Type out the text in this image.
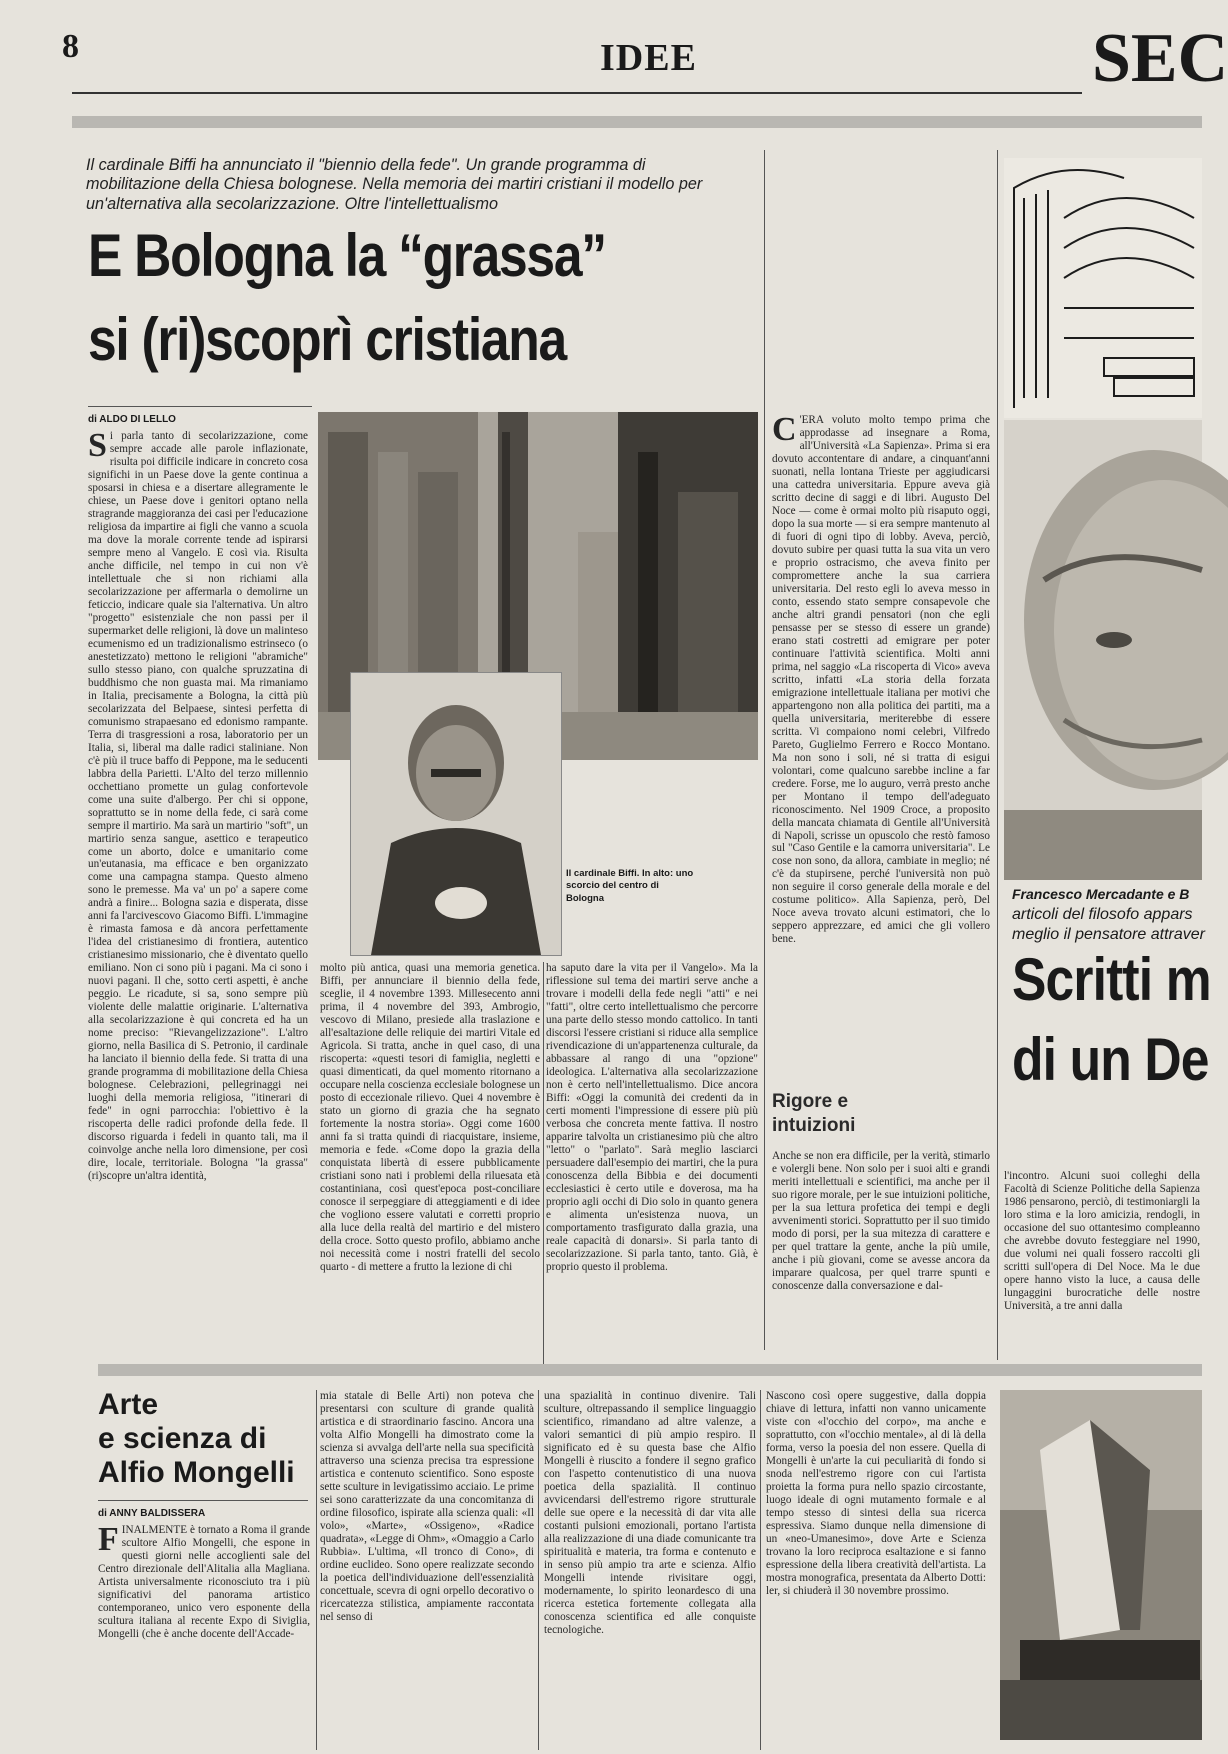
8	IDEE	SEC
Il cardinale Biffi ha annunciato il "biennio della fede". Un grande programma di mobilitazione della Chiesa bolognese. Nella memoria dei martiri cristiani il modello per un'alternativa alla secolarizzazione. Oltre l'intellettualismo
E Bologna la “grassa”
si (ri)scoprì cristiana
di ALDO DI LELLO
S i parla tanto di secolarizzazione, come sempre accade alle parole inflazionate, risulta poi difficile indicare in concreto cosa significhi in un Paese dove la gente continua a sposarsi in chiesa e a disertare allegramente le chiese, un Paese dove i genitori optano nella stragrande maggioranza dei casi per l'educazione religiosa da impartire ai figli che vanno a scuola ma dove la morale corrente tende ad ispirarsi sempre meno al Vangelo. E così via. Risulta anche difficile, nel tempo in cui non v'è intellettuale che si non richiami alla secolarizzazione per affermarla o demolirne un feticcio, indicare quale sia l'alternativa. Un altro "progetto" esistenziale che non passi per il supermarket delle religioni, là dove un malinteso ecumenismo ed un tradizionalismo estrinseco (o anestetizzato) mettono le religioni "abramiche" sullo stesso piano, con qualche spruzzatina di buddhismo che non guasta mai. Ma rimaniamo in Italia, precisamente a Bologna, la città più secolarizzata del Belpaese, sintesi perfetta di comunismo strapaesano ed edonismo rampante. Terra di trasgressioni a rosa, laboratorio per un Italia, si, liberal ma dalle radici stalinianе. Non c'è più il truce baffo di Peppone, ma le seducenti labbra della Parietti. L'Alto del terzo millennio occhettiano promette un gulag confortevole come una suite d'albergo. Per chi si oppone, soprattutto se in nome della fede, ci sarà come sempre il martirio. Ma sarà un martirio "soft", un martirio senza sangue, asettico e terapeutico come un aborto, dolce e umanitario come un'eutanasia, ma efficace e ben organizzato come una campagna stampa. Questo almeno sono le premesse. Ma va' un po' a sapere come andrà a finire... Bologna sazia e disperata, disse anni fa l'arcivescovo Giacomo Biffi. L'immagine è rimasta famosa e dà ancora perfettamente l'idea del cristianesimo di frontiera, autentico cristianesimo missionario, che è diventato quello emiliano. Non ci sono più i pagani. Ma ci sono i nuovi pagani. Il che, sotto certi aspetti, è anche peggio. Le ricadute, si sa, sono sempre più violente delle malattie originarie. L'alternativa alla secolarizzazione è qui concreta ed ha un nome preciso: "Rievangelizzazione". L'altro giorno, nella Basilica di S. Petronio, il cardinale ha lanciato il biennio della fede. Si tratta di una grande programma di mobilitazione della Chiesa bolognese. Celebrazioni, pellegrinaggi nei luoghi della memoria religiosa, "itinerari di fede" in ogni parrocchia: l'obiettivo è la riscoperta delle radici profonde della fede. Il discorso riguarda i fedeli in quanto tali, ma il coinvolge anche nella loro dimensione, per così dire, locale, territoriale. Bologna "la grassa" (ri)scopre un'altra identità,
Il cardinale Biffi. In alto: uno scorcio del centro di Bologna
molto più antica, quasi una memoria genetica. Biffi, per annunciare il biennio della fede, sceglie, il 4 novembre 1393. Millesecento anni prima, il 4 novembre del 393, Ambrogio, vescovo di Milano, presiede alla traslazione e all'esaltazione delle reliquie dei martiri Vitale ed Agricola. Si tratta, anche in quel caso, di una riscoperta: «questi tesori di famiglia, negletti e quasi dimenticati, da quel momento ritornano a occupare nella coscienza ecclesiale bolognese un posto di eccezionale rilievo. Quei 4 novembre è stato un giorno di grazia che ha segnato fortemente la nostra storia». Oggi come 1600 anni fa si tratta quindi di riacquistare, insieme, memoria e fede. «Come dopo la grazia della conquistata libertà di essere pubblicamente cristiani sono nati i problemi della riluesata età costantiniana, così quest'epoca post-conciliare conosce il serpeggiare di atteggiamenti e di idee che vogliono essere valutati e corretti proprio alla luce della realtà del martirio e del mistero della croce. Sotto questo profilo, abbiamo anche noi necessità come i nostri fratelli del secolo quarto - di mettere a frutto la lezione di chi
ha saputo dare la vita per il Vangelo». Ma la riflessione sul tema dei martiri serve anche a trovare i modelli della fede negli "atti" e nei "fatti", oltre certo intellettualismo che percorre una parte dello stesso mondo cattolico. In tanti discorsi l'essere cristiani si riduce alla semplice rivendicazione di un'appartenenza culturale, da abbassare al rango di una "opzione" ideologica. L'alternativa alla secolarizzazione non è certo nell'intellettualismo. Dice ancora Biffi: «Oggi la comunità dei credenti da in certi momenti l'impressione di essere più più verbosa che concreta mente fattiva. Il nostro apparire talvolta un cristianesimo più che altro "letto" o "parlato". Sarà meglio lasciarci persuadere dall'esempio dei martiri, che la pura conoscenza della Bibbia e dei documenti ecclesiastici è certo utile e doverosa, ma ha proprio agli occhi di Dio solo in quanto genera e alimenta un'esistenza nuova, un comportamento trasfigurato dalla grazia, una reale capacità di donarsi». Si parla tanto di secolarizzazione. Si parla tanto, tanto. Già, è proprio questo il problema.
C 'ERA voluto molto tempo prima che approdasse ad insegnare a Roma, all'Università «La Sapienza». Prima si era dovuto accontentare di andare, a cinquant'anni suonati, nella lontana Trieste per aggiudicarsi una cattedra universitaria. Eppure aveva già scritto decine di saggi e di libri. Augusto Del Noce — come è ormai molto più risaputo oggi, dopo la sua morte — si era sempre mantenuto al di fuori di ogni tipo di lobby. Aveva, perciò, dovuto subire per quasi tutta la sua vita un vero e proprio ostracismo, che aveva finito per compromettere anche la sua carriera universitaria. Del resto egli lo aveva messo in conto, essendo stato sempre consapevole che anche altri grandi pensatori (non che egli pensasse per se stesso di essere un grande) erano stati costretti ad emigrare per poter continuare l'attività scientifica. Molti anni prima, nel saggio «La riscoperta di Vico» aveva scritto, infatti «La storia della forzata emigrazione intellettuale italiana per motivi che appartengono non alla politica dei partiti, ma a quella universitaria, meriterebbe di essere scritta. Vi compaiono nomi celebri, Vilfredo Pareto, Guglielmo Ferrero e Rocco Montano. Ma non sono i soli, né si tratta di esigui volontari, come qualcuno sarebbe incline a far credere. Forse, me lo auguro, verrà presto anche per Montano il tempo dell'adeguato riconoscimento. Nel 1909 Croce, a proposito della mancata chiamata di Gentile all'Università di Napoli, scrisse un opuscolo che restò famoso sul "Caso Gentile e la camorra universitaria". Le cose non sono, da allora, cambiate in meglio; né c'è da stupirsene, perché l'università non può non seguire il corso generale della morale e del costume politico». Alla Sapienza, però, Del Noce aveva trovato alcuni estimatori, che lo seppero apprezzare, ed amici che gli vollero bene.
Rigore e intuizioni
Anche se non era difficile, per la verità, stimarlo e volergli bene. Non solo per i suoi alti e grandi meriti intellettuali e scientifici, ma anche per il suo rigore morale, per le sue intuizioni politiche, per la sua lettura profetica dei tempi e degli avvenimenti storici. Soprattutto per il suo timido modo di porsi, per la sua mitezza di carattere e per quel trattare la gente, anche la più umile, anche i più giovani, come se avesse ancora da imparare qualcosa, per quel trarre spunti e conoscenze dalla conversazione e dal-
Francesco Mercadante e B
articoli del filosofo appars
meglio il pensatore attraver
Scritti m
di un De
l'incontro. Alcuni suoi colleghi della Facoltà di Scienze Politiche della Sapienza 1986 pensarono, perciò, di testimoniargli la loro stima e la loro amicizia, rendogli, in occasione del suo ottantesimo compleanno che avrebbe dovuto festeggiare nel 1990, due volumi nei quali fossero raccolti gli scritti sull'opera di Del Noce. Ma le due opere hanno visto la luce, a causa delle lungaggini burocratiche delle nostre Università, a tre anni dalla
Arte
e scienza di
Alfio Mongelli
di ANNY BALDISSERA
F INALMENTE è tornato a Roma il grande scultore Alfio Mongelli, che espone in questi giorni nelle accoglienti sale del Centro direzionale dell'Alitalia alla Magliana. Artista universalmente riconosciuto tra i più significativi del panorama artistico contemporaneo, unico vero esponente della scultura italiana al recente Expo di Siviglia, Mongelli (che è anche docente dell'Accade-
mia statale di Belle Arti) non poteva che presentarsi con sculture di grande qualità artistica e di straordinario fascino. Ancora una volta Alfio Mongelli ha dimostrato come la scienza si avvalga dell'arte nella sua specificità attraverso una scienza precisa tra espressione artistica e contenuto scientifico. Sono esposte sette sculture in levigatissimo acciaio. Le prime sei sono caratterizzate da una concomitanza di ordine filosofico, ispirate alla scienza quali: «Il volo», «Marte», «Ossigeno», «Radice quadrata», «Legge di Ohm», «Omaggio a Carlo Rubbia». L'ultima, «Il tronco di Cono», di ordine euclideo. Sono opere realizzate secondo la poetica dell'individuazione dell'essenzialità concettuale, scevra di ogni orpello decorativo o ricercatezza stilistica, ampiamente raccontata nel senso di
una spazialità in continuo divenire. Tali sculture, oltrepassando il semplice linguaggio scientifico, rimandano ad altre valenze, a valori semantici di più ampio respiro. Il significato ed è su questa base che Alfio Mongelli è riuscito a fondere il segno grafico con l'aspetto contenutistico di una nuova poetica della spazialità. Il continuo avvicendarsi dell'estremo rigore strutturale delle sue opere e la necessità di dar vita alle costanti pulsioni emozionali, portano l'artista alla realizzazione di una diade comunicante tra spiritualità e materia, tra forma e contenuto e in senso più ampio tra arte e scienza. Alfio Mongelli intende rivisitare oggi, modernamente, lo spirito leonardesco di una ricerca estetica fortemente collegata alla conoscenza scientifica ed alle conquiste tecnologiche.
Nascono così opere suggestive, dalla doppia chiave di lettura, infatti non vanno unicamente viste con «l'occhio del corpo», ma anche e soprattutto, con «l'occhio mentale», al di là della forma, verso la poesia del non essere. Quella di Mongelli è un'arte la cui peculiarità di fondo si snoda nell'estremo rigore con cui l'artista proietta la forma pura nello spazio circostante, luogo ideale di ogni mutamento formale e al tempo stesso di sintesi della sua ricerca espressiva. Siamo dunque nella dimensione di un «neo-Umanesimo», dove Arte e Scienza trovano la loro reciproca esaltazione e si fanno espressione della libera creatività dell'artista. La mostra monografica, presentata da Alberto Dotti: ler, si chiuderà il 30 novembre prossimo.
